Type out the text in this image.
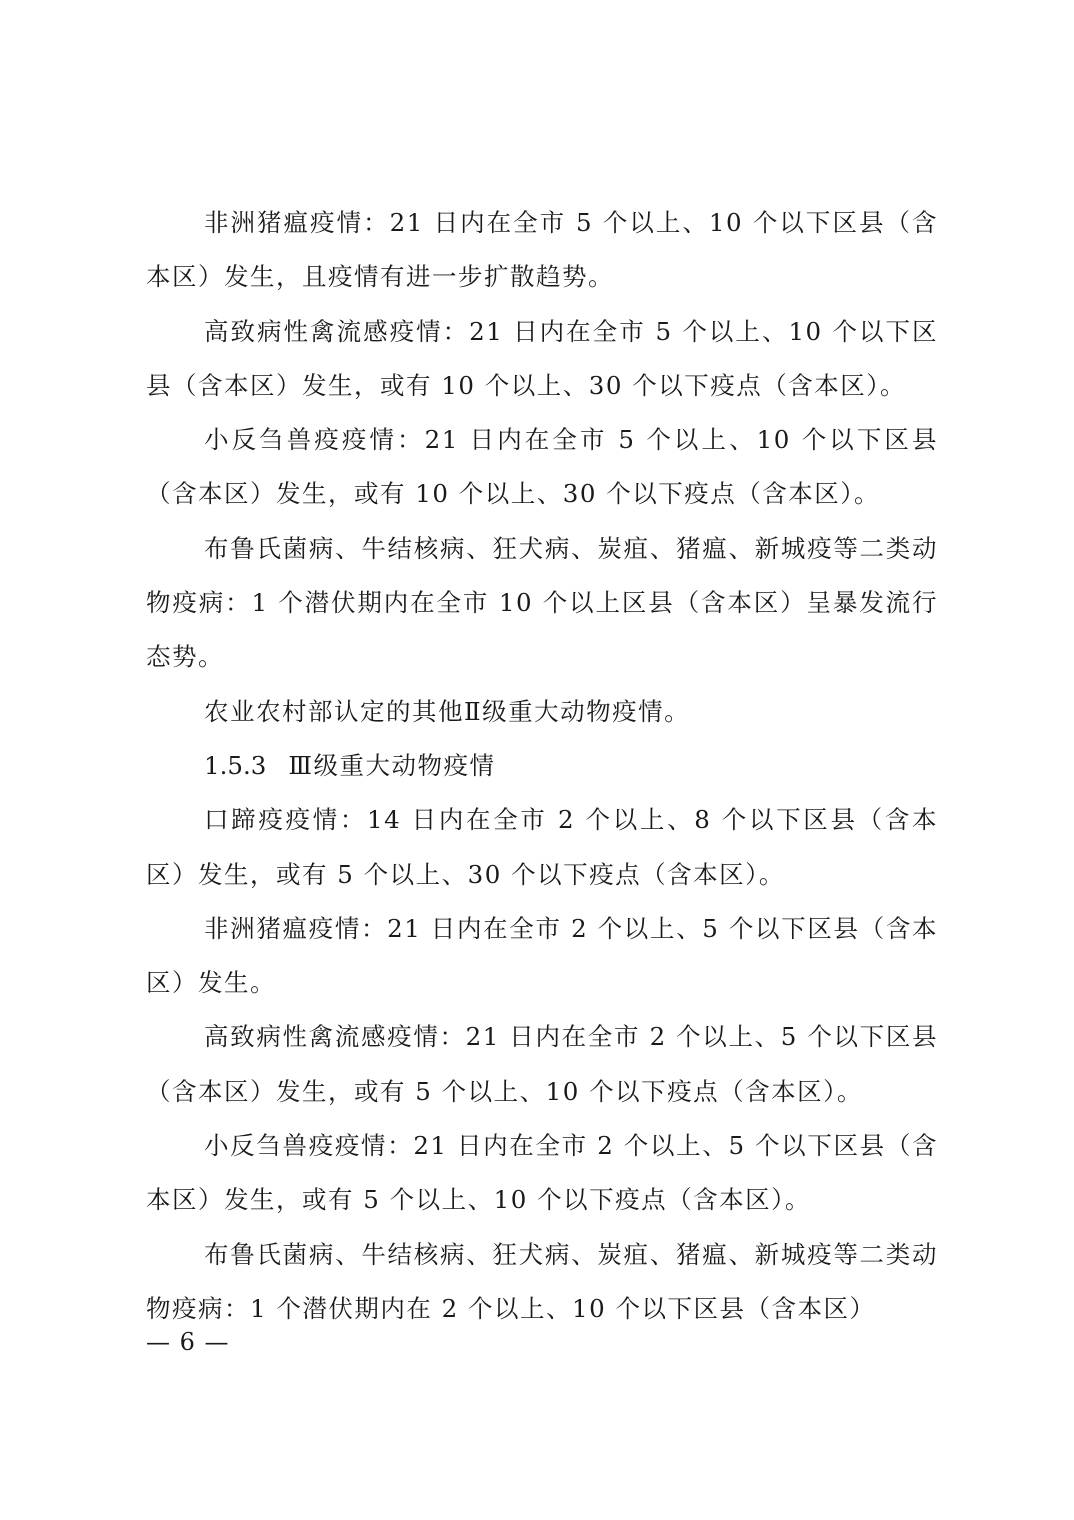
非洲猪瘟疫情：21 日内在全市 5 个以上、10 个以下区县（含本区）发生，且疫情有进一步扩散趋势。

高致病性禽流感疫情：21 日内在全市 5 个以上、10 个以下区县（含本区）发生，或有 10 个以上、30 个以下疫点（含本区）。

小反刍兽疫疫情：21 日内在全市 5 个以上、10 个以下区县（含本区）发生，或有 10 个以上、30 个以下疫点（含本区）。

布鲁氏菌病、牛结核病、狂犬病、炭疽、猪瘟、新城疫等二类动物疫病：1 个潜伏期内在全市 10 个以上区县（含本区）呈暴发流行态势。

农业农村部认定的其他Ⅱ级重大动物疫情。

1.5.3 Ⅲ级重大动物疫情

口蹄疫疫情：14 日内在全市 2 个以上、8 个以下区县（含本区）发生，或有 5 个以上、30 个以下疫点（含本区）。

非洲猪瘟疫情：21 日内在全市 2 个以上、5 个以下区县（含本区）发生。

高致病性禽流感疫情：21 日内在全市 2 个以上、5 个以下区县（含本区）发生，或有 5 个以上、10 个以下疫点（含本区）。

小反刍兽疫疫情：21 日内在全市 2 个以上、5 个以下区县（含本区）发生，或有 5 个以上、10 个以下疫点（含本区）。

布鲁氏菌病、牛结核病、狂犬病、炭疽、猪瘟、新城疫等二类动物疫病：1 个潜伏期内在 2 个以上、10 个以下区县（含本区）

— 6 —
